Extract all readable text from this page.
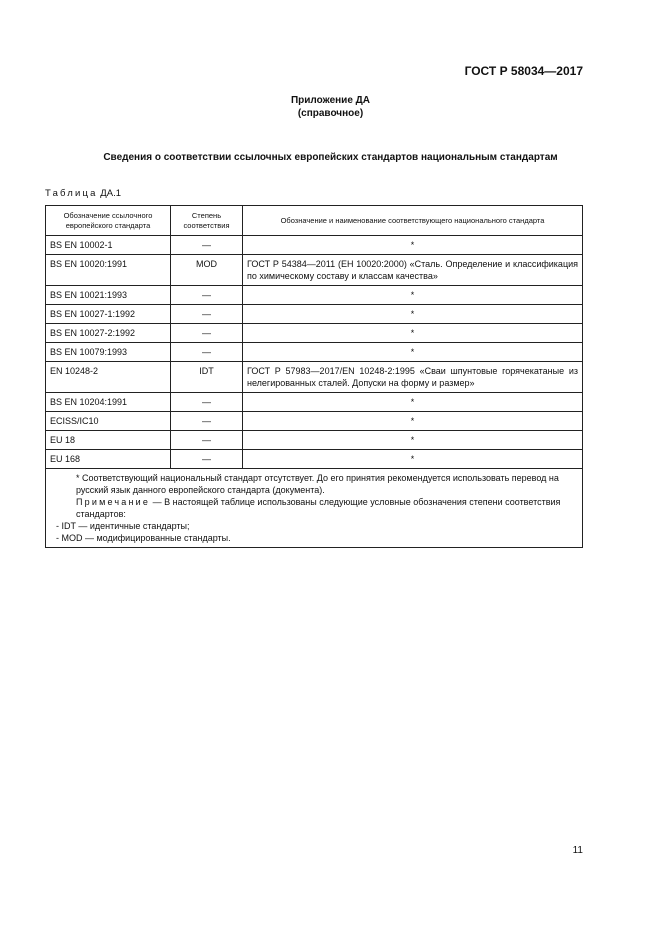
ГОСТ Р 58034—2017
Приложение ДА
(справочное)
Сведения о соответствии ссылочных европейских стандартов национальным стандартам
Таблица ДА.1
Обозначение ссылочного европейского стандарта	Степень соответствия	Обозначение и наименование соответствующего национального стандарта
BS EN 10002-1	—	*
BS EN 10020:1991	MOD	ГОСТ Р 54384—2011 (ЕН 10020:2000) «Сталь. Определение и классификация по химическому составу и классам качества»
BS EN 10021:1993	—	*
BS EN 10027-1:1992	—	*
BS EN 10027-2:1992	—	*
BS EN 10079:1993	—	*
EN 10248-2	IDT	ГОСТ Р 57983—2017/EN 10248-2:1995 «Сваи шпунтовые горячекатаные из нелегированных сталей. Допуски на форму и размер»
BS EN 10204:1991	—	*
ECISS/IC10	—	*
EU 18	—	*
EU 168	—	*

* Соответствующий национальный стандарт отсутствует. До его принятия рекомендуется использовать перевод на русский язык данного европейского стандарта (документа).

Примечание — В настоящей таблице использованы следующие условные обозначения степени соответствия стандартов:

- IDT — идентичные стандарты;

- MOD — модифицированные стандарты.		

11
